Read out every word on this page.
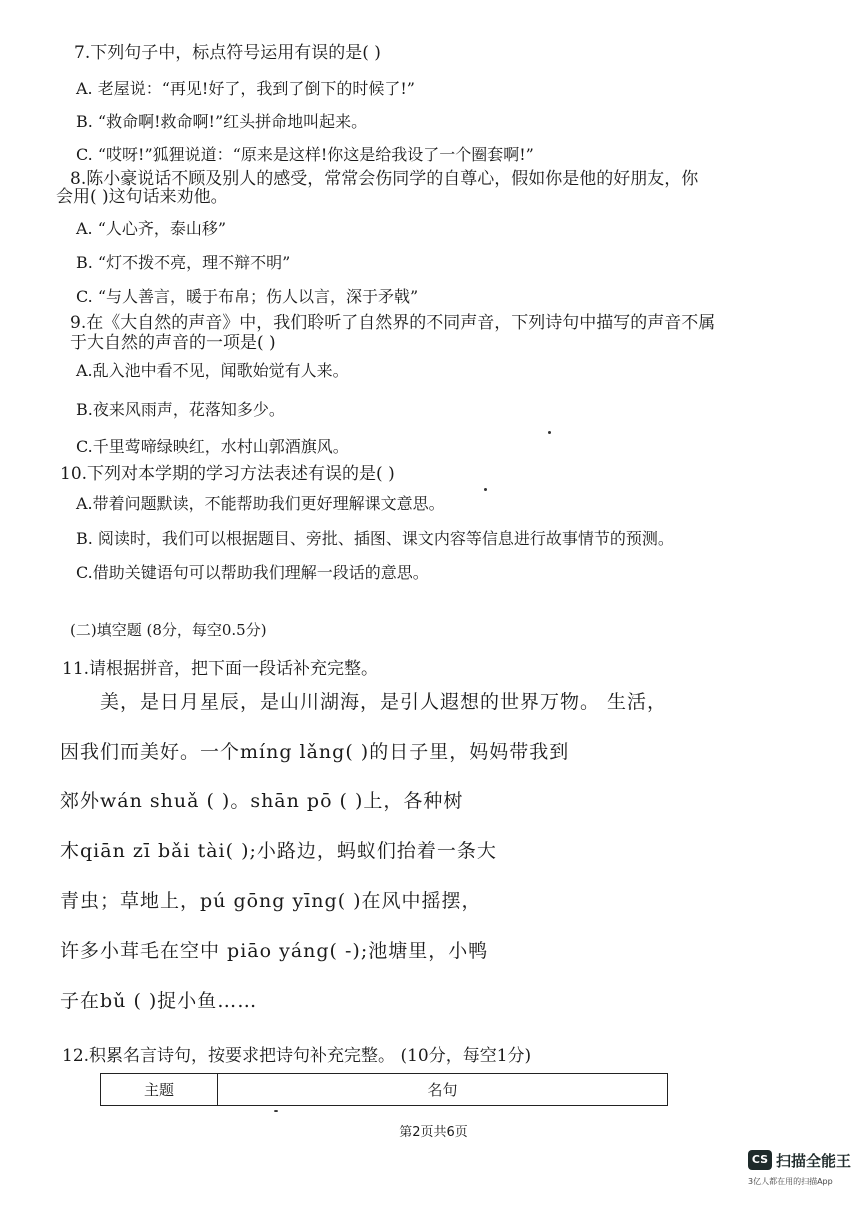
7.下列句子中，标点符号运用有误的是( )
A. 老屋说：“再见!好了，我到了倒下的时候了!”
B. “救命啊!救命啊!”红头拼命地叫起来。
C. “哎呀!”狐狸说道：“原来是这样!你这是给我设了一个圈套啊!”
8.陈小豪说话不顾及别人的感受，常常会伤同学的自尊心，假如你是他的好朋友，你
会用( )这句话来劝他。
A. “人心齐，泰山移”
B. “灯不拨不亮，理不辩不明”
C. “与人善言，暖于布帛；伤人以言，深于矛戟”
9.在《大自然的声音》中，我们聆听了自然界的不同声音，下列诗句中描写的声音不属
于大自然的声音的一项是( )
A.乱入池中看不见，闻歌始觉有人来。
B.夜来风雨声，花落知多少。
C.千里莺啼绿映红，水村山郭酒旗风。
10.下列对本学期的学习方法表述有误的是( )
A.带着问题默读，不能帮助我们更好理解课文意思。
B. 阅读时，我们可以根据题目、旁批、插图、课文内容等信息进行故事情节的预测。
C.借助关键语句可以帮助我们理解一段话的意思。
(二)填空题 (8分，每空0.5分)
11.请根据拼音，把下面一段话补充完整。
美，是日月星辰，是山川湖海，是引人遐想的世界万物。 生活，
因我们而美好。一个míng lǎng( )的日子里，妈妈带我到
郊外wán shuǎ ( )。shān pō ( )上，各种树
木qiān zī bǎi tài( );小路边，蚂蚁们抬着一条大
青虫；草地上，pú gōng yīng( )在风中摇摆，
许多小茸毛在空中 piāo yáng( -);池塘里，小鸭
子在bǔ ( )捉小鱼……
12.积累名言诗句，按要求把诗句补充完整。 (10分，每空1分)
主题	名句
第2页共6页
CS 扫描全能王
3亿人都在用的扫描App
